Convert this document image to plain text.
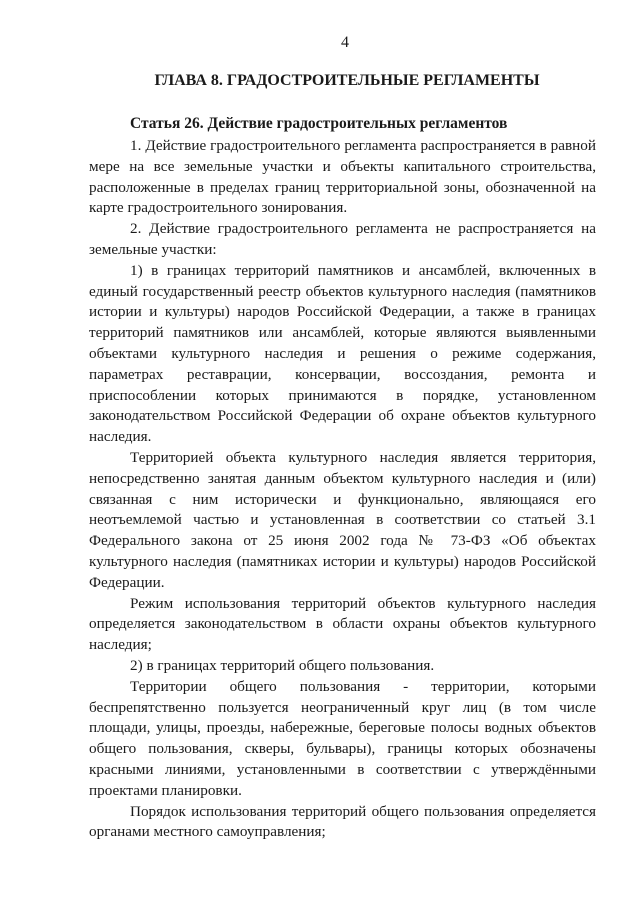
4

ГЛАВА 8. ГРАДОСТРОИТЕЛЬНЫЕ РЕГЛАМЕНТЫ
Статья 26. Действие градостроительных регламентов

1. Действие градостроительного регламента распространяется в равной мере на все земельные участки и объекты капитального строительства, расположенные в пределах границ территориальной зоны, обозначенной на карте градостроительного зонирования.

2. Действие градостроительного регламента не распространяется на земельные участки:

1) в границах территорий памятников и ансамблей, включенных в единый государственный реестр объектов культурного наследия (памятников истории и культуры) народов Российской Федерации, а также в границах территорий памятников или ансамблей, которые являются выявленными объектами культурного наследия и решения о режиме содержания, параметрах реставрации, консервации, воссоздания, ремонта и приспособлении которых принимаются в порядке, установленном законодательством Российской Федерации об охране объектов культурного наследия.

Территорией объекта культурного наследия является территория, непосредственно занятая данным объектом культурного наследия и (или) связанная с ним исторически и функционально, являющаяся его неотъемлемой частью и установленная в соответствии со статьей 3.1 Федерального закона от 25 июня 2002 года № 73-ФЗ «Об объектах культурного наследия (памятниках истории и культуры) народов Российской Федерации.

Режим использования территорий объектов культурного наследия определяется законодательством в области охраны объектов культурного наследия;

2) в границах территорий общего пользования.

Территории общего пользования - территории, которыми беспрепятственно пользуется неограниченный круг лиц (в том числе площади, улицы, проезды, набережные, береговые полосы водных объектов общего пользования, скверы, бульвары), границы которых обозначены красными линиями, установленными в соответствии с утверждёнными проектами планировки.

Порядок использования территорий общего пользования определяется органами местного самоуправления;
